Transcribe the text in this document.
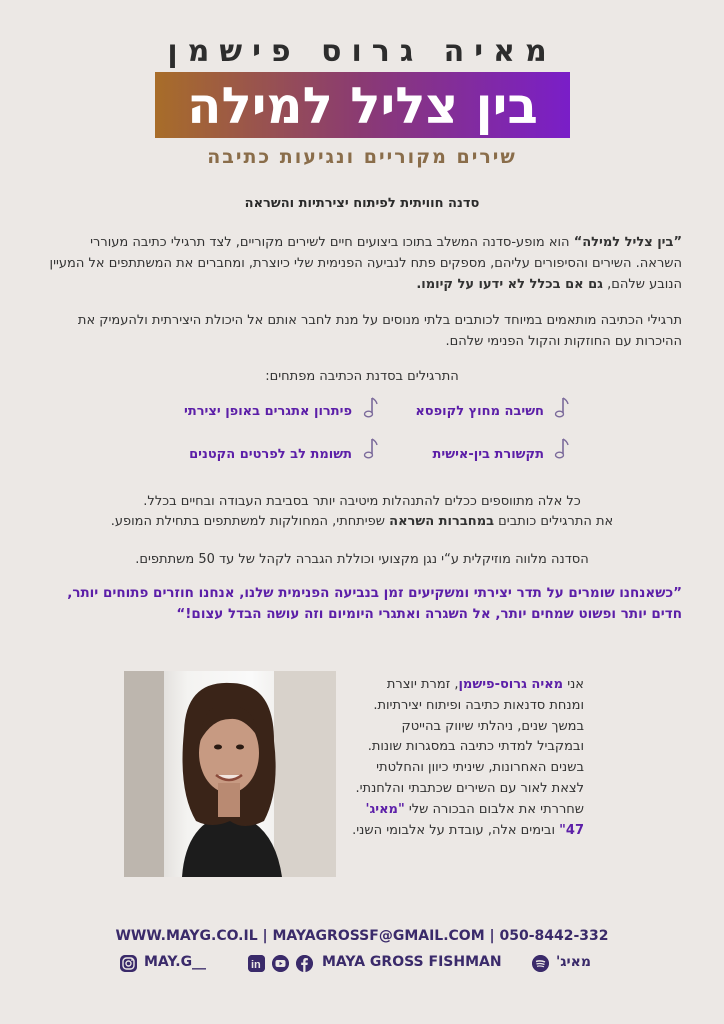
מאיה גרוס פישמן
בין צליל למילה
שירים מקוריים ונגיעות כתיבה
סדנה חוויתית לפיתוח יצירתיות והשראה
”בין צליל למילה“ הוא מופע-סדנה המשלב בתוכו ביצועים חיים לשירים מקוריים, לצד תרגילי כתיבה מעוררי השראה. השירים והסיפורים עליהם, מספקים פתח לנביעה הפנימית שלי כיוצרת, ומחברים את המשתתפים אל המעיין הנובע שלהם, גם אם בכלל לא ידעו על קיומו.
תרגילי הכתיבה מותאמים במיוחד לכותבים בלתי מנוסים על מנת לחבר אותם אל היכולת היצירתית ולהעמיק את ההיכרות עם החוזקות והקול הפנימי שלהם.
התרגילים בסדנת הכתיבה מפתחים:
חשיבה מחוץ לקופסא
פיתרון אתגרים באופן יצירתי
תקשורת בין-אישית
תשומת לב לפרטים הקטנים
כל אלה מתווספים ככלים להתנהלות מיטיבה יותר בסביבת העבודה ובחיים בכלל.
את התרגילים כותבים במחברות השראה שפיתחתי, המחולקות למשתתפים בתחילת המופע.
הסדנה מלווה מוזיקלית ע“י נגן מקצועי וכוללת הגברה לקהל של עד 50 משתתפים.
”כשאנחנו שומרים על תדר יצירתי ומשקיעים זמן בנביעה הפנימית שלנו, אנחנו חוזרים פתוחים יותר, חדים יותר ופשוט שמחים יותר, אל השגרה ואתגרי היומיום וזה עושה הבדל עצום!“
אני מאיה גרוס-פישמן, זמרת יוצרת ומנחת סדנאות כתיבה ופיתוח יצירתיות. במשך שנים, ניהלתי שיווק בהייטק ובמקביל למדתי כתיבה במסגרות שונות. בשנים האחרונות, שיניתי כיוון והחלטתי לצאת לאור עם השירים שכתבתי והלחנתי. שחררתי את אלבום הבכורה שלי "מאיג' 47" ובימים אלה, עובדת על אלבומי השני.
WWW.MAYG.CO.IL | MAYAGROSSF@GMAIL.COM | 050-8442-332
MAY.G__	in	MAYA GROSS FISHMAN	מאיג'
